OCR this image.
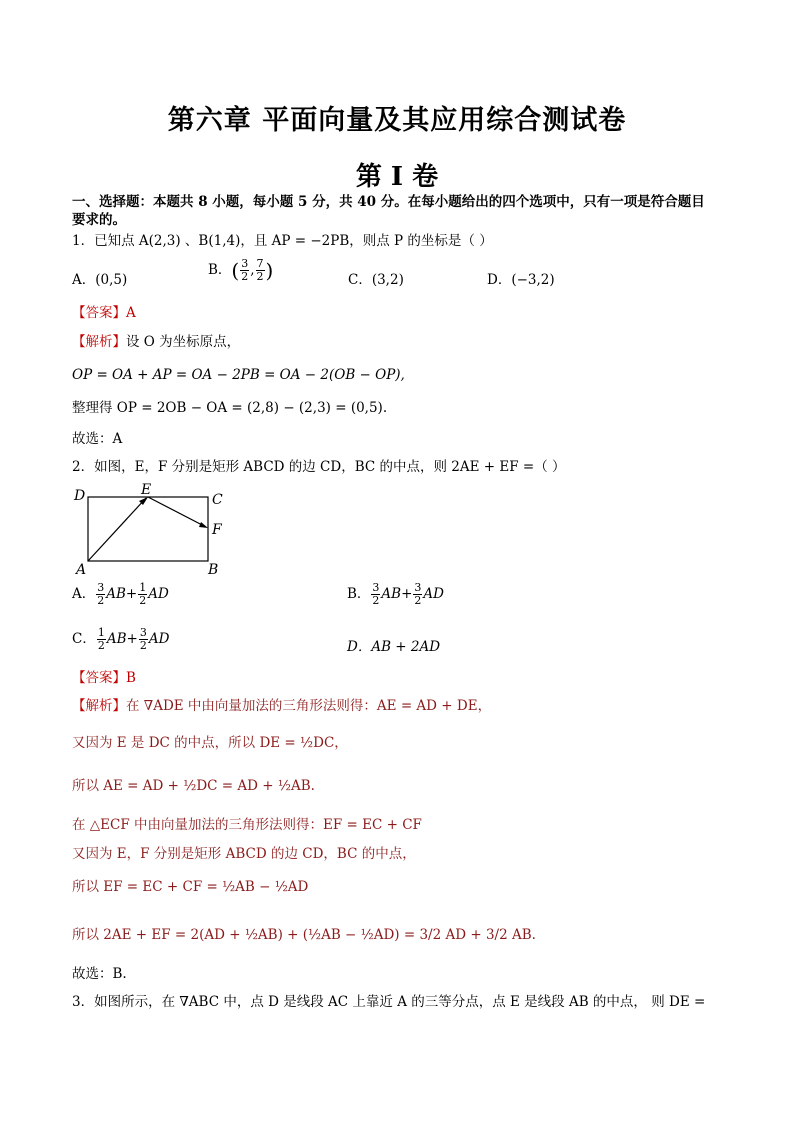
第六章 平面向量及其应用综合测试卷
第 I 卷
一、选择题：本题共 8 小题，每小题 5 分，共 40 分。在每小题给出的四个选项中，只有一项是符合题目
要求的。
1．已知点 A(2,3) 、B(1,4)，且 AP = −2PB，则点 P 的坐标是（ ）
A．(0,5)
B．( $\frac{3}{2}$ , $\frac{7}{2}$ )	C．(3,2)	D．(−3,2)
【答案】A
【解析】设 O 为坐标原点，
OP = OA + AP = OA − 2PB = OA − 2(OB − OP),
整理得 OP = 2OB − OA = (2,8) − (2,3) = (0,5).
故选：A
2．如图，E，F 分别是矩形 ABCD 的边 CD，BC 的中点，则 2AE + EF =（ ）
D	E
C
F
A	B
A． $\frac{3}{2} AB+ \frac{1}{2}$ AD	B． $\frac{3}{2} AB+ \frac{3}{2}$ AD
C． $\frac{1}{2} AB+ \frac{3}{2}$ AD	D．AB + 2AD
【答案】B
【解析】在 ∇ADE 中由向量加法的三角形法则得：AE = AD + DE，
又因为 E 是 DC 的中点，所以 DE = ½DC，
所以 AE = AD + ½DC = AD + ½AB.
在 △ECF 中由向量加法的三角形法则得：EF = EC + CF
又因为 E，F 分别是矩形 ABCD 的边 CD，BC 的中点，
所以 EF = EC + CF = ½AB − ½AD
所以 2AE + EF = 2(AD + ½AB) + (½AB − ½AD) = 3/2 AD + 3/2 AB.
故选：B.
3．如图所示，在 ∇ABC 中，点 D 是线段 AC 上靠近 A 的三等分点，点 E 是线段 AB 的中点， 则 DE =
